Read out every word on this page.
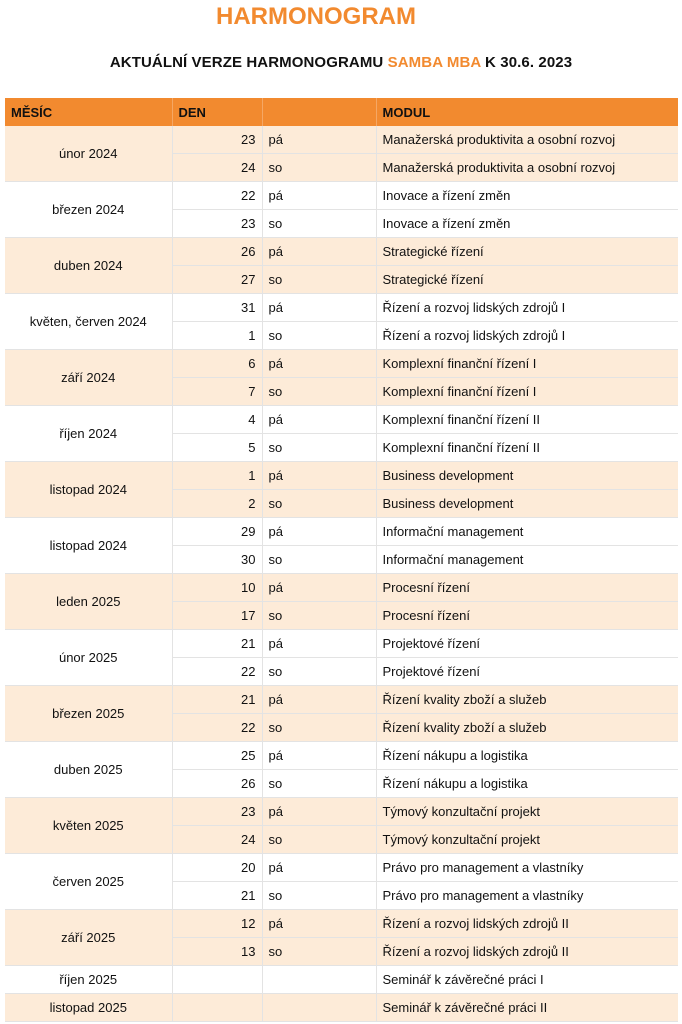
HARMONOGRAM

AKTUÁLNÍ VERZE HARMONOGRAMU SAMBA MBA K 30.6. 2023

MĚSÍC	DEN		MODUL
únor 2024	23	pá	Manažerská produktivita a osobní rozvoj
	24	so	Manažerská produktivita a osobní rozvoj
březen 2024	22	pá	Inovace a řízení změn
	23	so	Inovace a řízení změn
duben 2024	26	pá	Strategické řízení
	27	so	Strategické řízení
květen, červen 2024	31	pá	Řízení a rozvoj lidských zdrojů I
	1	so	Řízení a rozvoj lidských zdrojů I
září 2024	6	pá	Komplexní finanční řízení I
	7	so	Komplexní finanční řízení I
říjen 2024	4	pá	Komplexní finanční řízení II
	5	so	Komplexní finanční řízení II
listopad 2024	1	pá	Business development
	2	so	Business development
listopad 2024	29	pá	Informační management
	30	so	Informační management
leden 2025	10	pá	Procesní řízení
	17	so	Procesní řízení
únor 2025	21	pá	Projektové řízení
	22	so	Projektové řízení
březen 2025	21	pá	Řízení kvality zboží a služeb
	22	so	Řízení kvality zboží a služeb
duben 2025	25	pá	Řízení nákupu a logistika
	26	so	Řízení nákupu a logistika
květen 2025	23	pá	Týmový konzultační projekt
	24	so	Týmový konzultační projekt
červen 2025	20	pá	Právo pro management a vlastníky
	21	so	Právo pro management a vlastníky
září 2025	12	pá	Řízení a rozvoj lidských zdrojů II
	13	so	Řízení a rozvoj lidských zdrojů II
říjen 2025			Seminář k závěrečné práci I
listopad 2025			Seminář k závěrečné práci II
